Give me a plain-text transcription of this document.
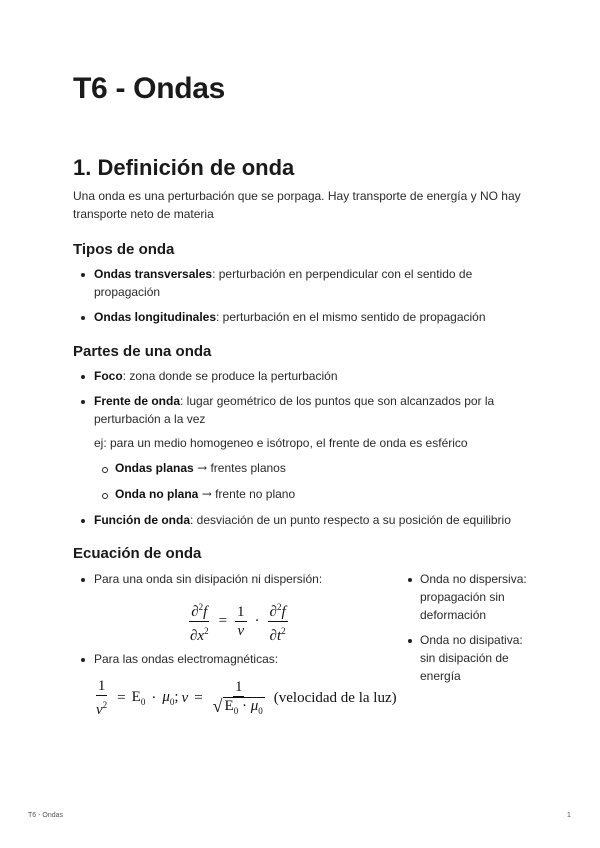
T6 - Ondas
1. Definición de onda

Una onda es una perturbación que se porpaga. Hay transporte de energía y NO hay transporte neto de materia

Tipos de onda
Ondas transversales: perturbación en perpendicular con el sentido de propagación
Ondas longitudinales: perturbación en el mismo sentido de propagación
Partes de una onda
Foco: zona donde se produce la perturbación
Frente de onda: lugar geométrico de los puntos que son alcanzados por la perturbación a la vez
ej: para un medio homogeneo e isótropo, el frente de onda es esférico
Ondas planas → frentes planos
Onda no plana → frente no plano
Función de onda: desviación de un punto respecto a su posición de equilibrio
Ecuación de onda
Para una onda sin disipación ni dispersión:
$\frac{\partial^2f}{\partial x^2} = \frac{1}{v} \cdot \frac{\partial^2f}{\partial t^2}$
Para las ondas electromagnéticas:
$\frac{1}{v^2} = E_0 \cdot \mu_0$; $v = \frac{1}{√ E_0 \cdot \mu_0}$ (velocidad de la luz)
Onda no dispersiva: propagación sin deformación
Onda no disipativa: sin disipación de energía
T6 - Ondas	1
